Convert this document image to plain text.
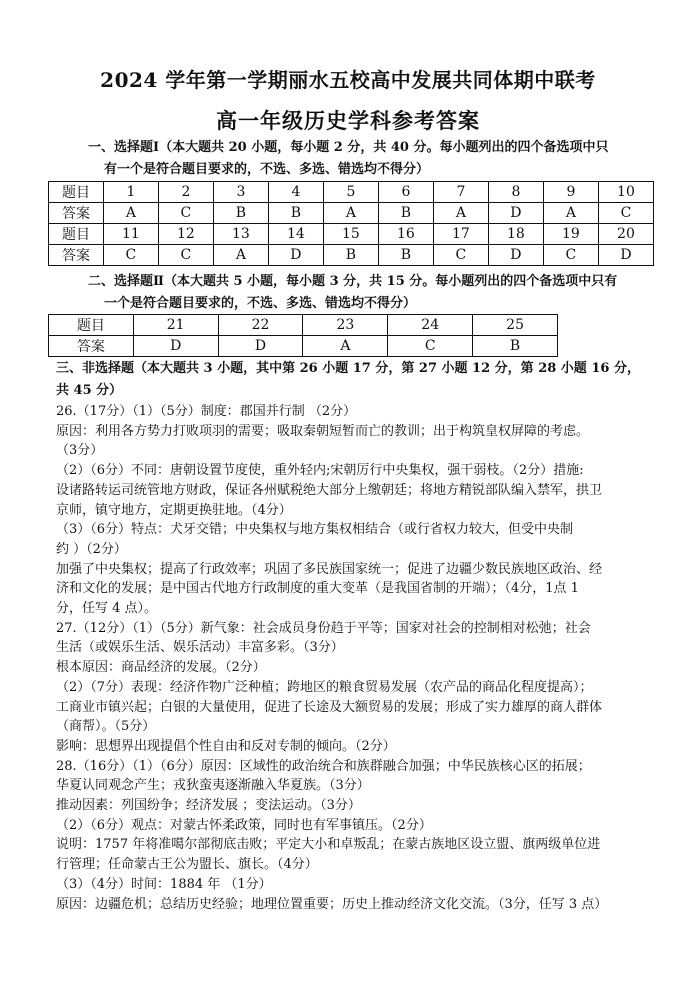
2024 学年第一学期丽水五校高中发展共同体期中联考
高一年级历史学科参考答案
一、选择题Ⅰ（本大题共 20 小题，每小题 2 分，共 40 分。每小题列出的四个备选项中只
有一个是符合题目要求的，不选、多选、错选均不得分）
题目	1	2	3	4	5	6	7	8	9	10
答案	A	C	B	B	A	B	A	D	A	C
题目	11	12	13	14	15	16	17	18	19	20
答案	C	C	A	D	B	B	C	D	C	D
二、选择题Ⅱ（本大题共 5 小题，每小题 3 分，共 15 分。每小题列出的四个备选项中只有
一个是符合题目要求的，不选、多选、错选均不得分）
题目	21	22	23	24	25
答案	D	D	A	C	B
三、非选择题（本大题共 3 小题，其中第 26 小题 17 分，第 27 小题 12 分，第 28 小题 16 分，
共 45 分）

26.（17分）（1）（5分）制度：郡国并行制 （2分）

原因：利用各方势力打败项羽的需要；吸取秦朝短暂而亡的教训；出于构筑皇权屏障的考虑。

（3分）

（2）（6分）不同：唐朝设置节度使，重外轻内;宋朝厉行中央集权，强干弱枝。（2分）措施:

设诸路转运司统管地方财政，保证各州赋税绝大部分上缴朝廷；将地方精锐部队编入禁军，拱卫

京师，镇守地方，定期更换驻地。（4分）

（3）（6分）特点：犬牙交错；中央集权与地方集权相结合（或行省权力较大，但受中央制

约 ）（2分）

加强了中央集权；提高了行政效率；巩固了多民族国家统一；促进了边疆少数民族地区政治、经

济和文化的发展；是中国古代地方行政制度的重大变革（是我国省制的开端）；（4分，1点 1

分，任写 4 点）。

27.（12分）（1）（5分）新气象：社会成员身份趋于平等；国家对社会的控制相对松弛；社会

生活（或娱乐生活、娱乐活动）丰富多彩。（3分）

根本原因：商品经济的发展。（2分）

（2）（7分）表现：经济作物广泛种植；跨地区的粮食贸易发展（农产品的商品化程度提高）；

工商业市镇兴起；白银的大量使用，促进了长途及大额贸易的发展；形成了实力雄厚的商人群体

（商帮）。（5分）

影响：思想界出现提倡个性自由和反对专制的倾向。（2分）

28.（16分）（1）（6分）原因：区域性的政治统合和族群融合加强；中华民族核心区的拓展；

华夏认同观念产生；戎狄蛮夷逐渐融入华夏族。（3分）

推动因素：列国纷争；经济发展 ；变法运动。（3分）

（2）（6分）观点：对蒙古怀柔政策，同时也有军事镇压。（2分）

说明：1757 年将准噶尔部彻底击败；平定大小和卓叛乱；在蒙古族地区设立盟、旗两级单位进

行管理；任命蒙古王公为盟长、旗长。（4分）

（3）（4分）时间：1884 年 （1分）

原因：边疆危机；总结历史经验；地理位置重要；历史上推动经济文化交流。（3分，任写 3 点）
